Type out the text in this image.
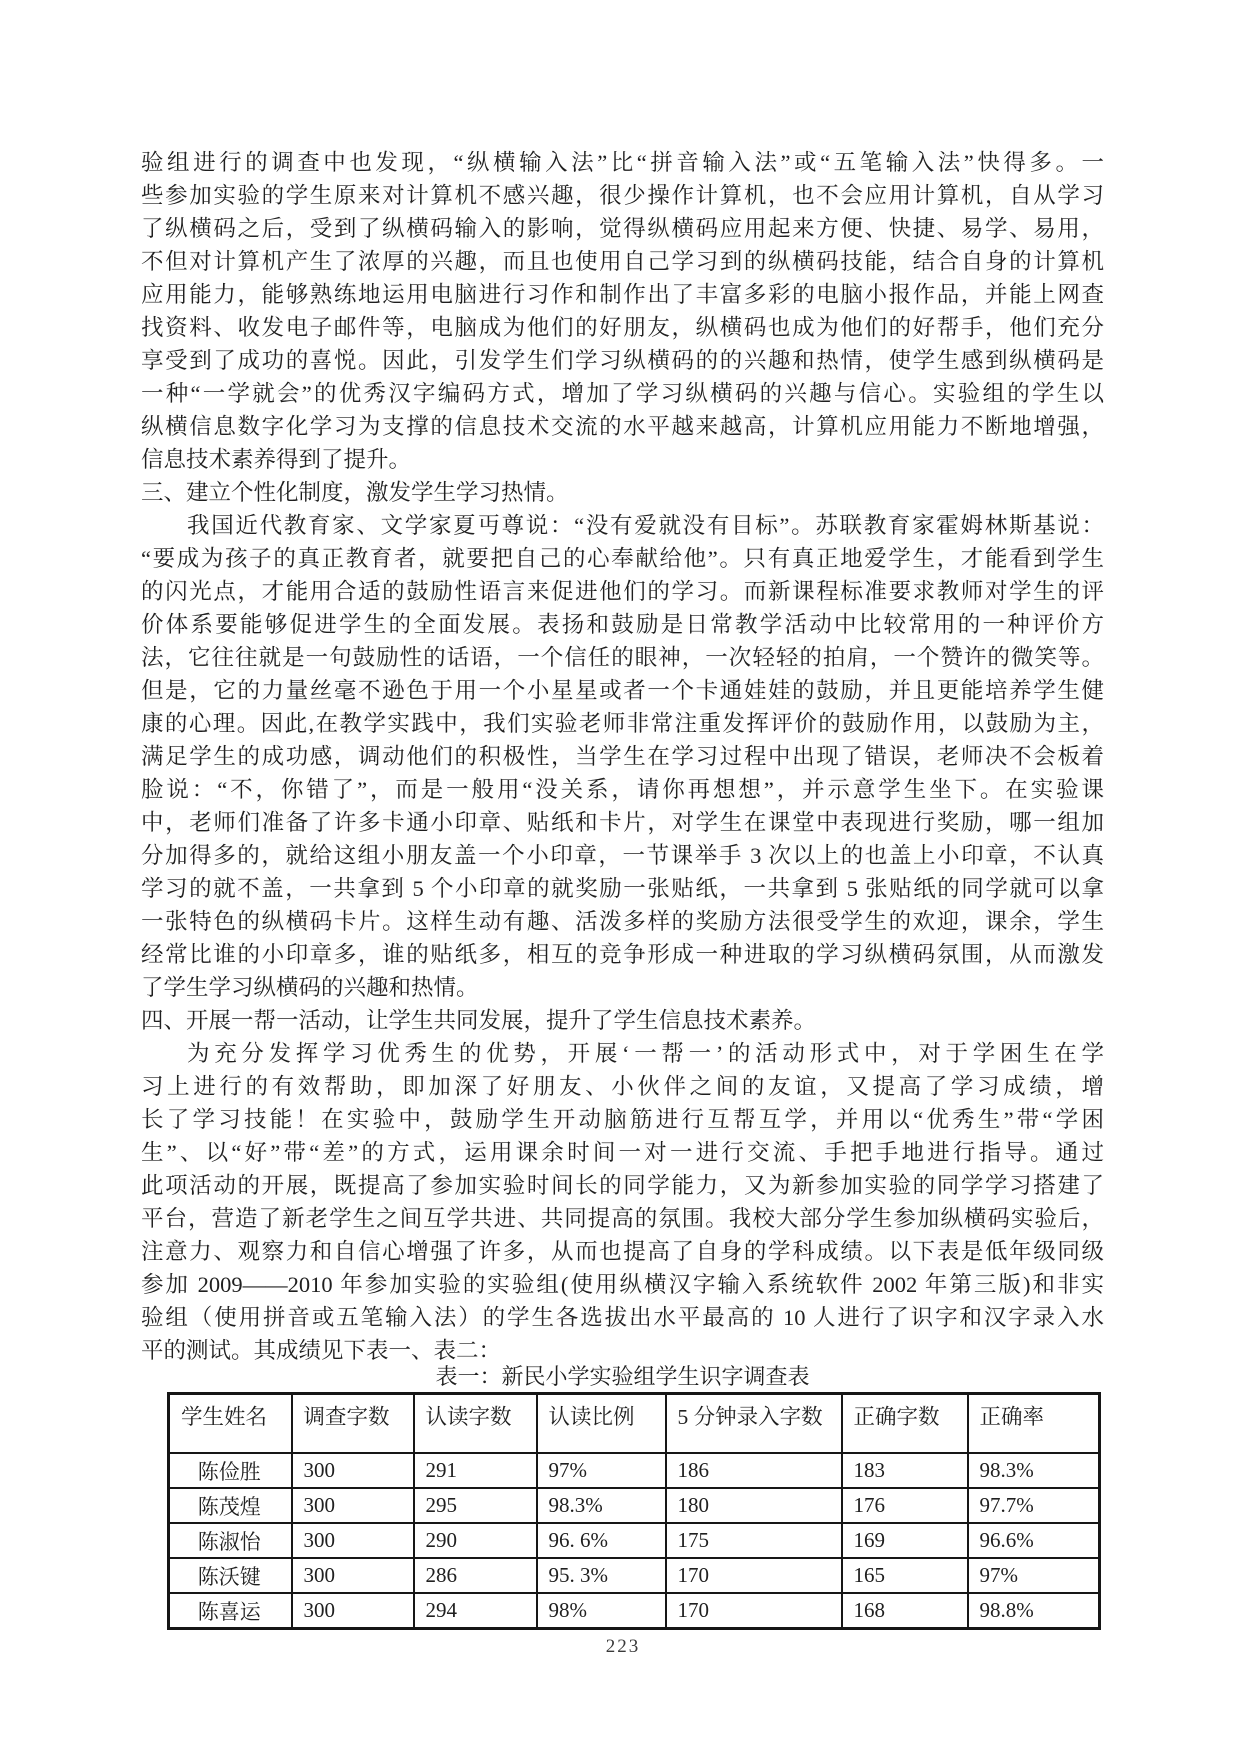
验组进行的调查中也发现，“纵横输入法”比“拼音输入法”或“五笔输入法”快得多。一
些参加实验的学生原来对计算机不感兴趣，很少操作计算机，也不会应用计算机，自从学习
了纵横码之后，受到了纵横码输入的影响，觉得纵横码应用起来方便、快捷、易学、易用，
不但对计算机产生了浓厚的兴趣，而且也使用自己学习到的纵横码技能，结合自身的计算机
应用能力，能够熟练地运用电脑进行习作和制作出了丰富多彩的电脑小报作品，并能上网查
找资料、收发电子邮件等，电脑成为他们的好朋友，纵横码也成为他们的好帮手，他们充分
享受到了成功的喜悦。因此，引发学生们学习纵横码的的兴趣和热情，使学生感到纵横码是
一种“一学就会”的优秀汉字编码方式，增加了学习纵横码的兴趣与信心。实验组的学生以
纵横信息数字化学习为支撑的信息技术交流的水平越来越高，计算机应用能力不断地增强，
信息技术素养得到了提升。
三、建立个性化制度，激发学生学习热情。
我国近代教育家、文学家夏丏尊说：“没有爱就没有目标”。苏联教育家霍姆林斯基说：
“要成为孩子的真正教育者，就要把自己的心奉献给他”。只有真正地爱学生，才能看到学生
的闪光点，才能用合适的鼓励性语言来促进他们的学习。而新课程标准要求教师对学生的评
价体系要能够促进学生的全面发展。表扬和鼓励是日常教学活动中比较常用的一种评价方
法，它往往就是一句鼓励性的话语，一个信任的眼神，一次轻轻的拍肩，一个赞许的微笑等。
但是，它的力量丝毫不逊色于用一个小星星或者一个卡通娃娃的鼓励，并且更能培养学生健
康的心理。因此,在教学实践中，我们实验老师非常注重发挥评价的鼓励作用，以鼓励为主，
满足学生的成功感，调动他们的积极性，当学生在学习过程中出现了错误，老师决不会板着
脸说：“不，你错了”，而是一般用“没关系，请你再想想”，并示意学生坐下。在实验课
中，老师们准备了许多卡通小印章、贴纸和卡片，对学生在课堂中表现进行奖励，哪一组加
分加得多的，就给这组小朋友盖一个小印章，一节课举手 3 次以上的也盖上小印章，不认真
学习的就不盖，一共拿到 5 个小印章的就奖励一张贴纸，一共拿到 5 张贴纸的同学就可以拿
一张特色的纵横码卡片。这样生动有趣、活泼多样的奖励方法很受学生的欢迎，课余，学生
经常比谁的小印章多，谁的贴纸多，相互的竞争形成一种进取的学习纵横码氛围，从而激发
了学生学习纵横码的兴趣和热情。
四、开展一帮一活动，让学生共同发展，提升了学生信息技术素养。
为充分发挥学习优秀生的优势，开展‘一帮一’的活动形式中，对于学困生在学
习上进行的有效帮助，即加深了好朋友、小伙伴之间的友谊，又提高了学习成绩，增
长了学习技能！在实验中，鼓励学生开动脑筋进行互帮互学，并用以“优秀生”带“学困
生”、以“好”带“差”的方式，运用课余时间一对一进行交流、手把手地进行指导。通过
此项活动的开展，既提高了参加实验时间长的同学能力，又为新参加实验的同学学习搭建了
平台，营造了新老学生之间互学共进、共同提高的氛围。我校大部分学生参加纵横码实验后，
注意力、观察力和自信心增强了许多，从而也提高了自身的学科成绩。以下表是低年级同级
参加 2009——2010 年参加实验的实验组(使用纵横汉字输入系统软件 2002 年第三版)和非实
验组（使用拼音或五笔输入法）的学生各选拔出水平最高的 10 人进行了识字和汉字录入水
平的测试。其成绩见下表一、表二：
表一：新民小学实验组学生识字调查表
学生姓名	调查字数	认读字数	认读比例	5 分钟录入字数	正确字数	正确率
陈俭胜	300	291	97%	186	183	98.3%
陈茂煌	300	295	98.3%	180	176	97.7%
陈淑怡	300	290	96. 6%	175	169	96.6%
陈沃键	300	286	95. 3%	170	165	97%
陈喜运	300	294	98%	170	168	98.8%
223
